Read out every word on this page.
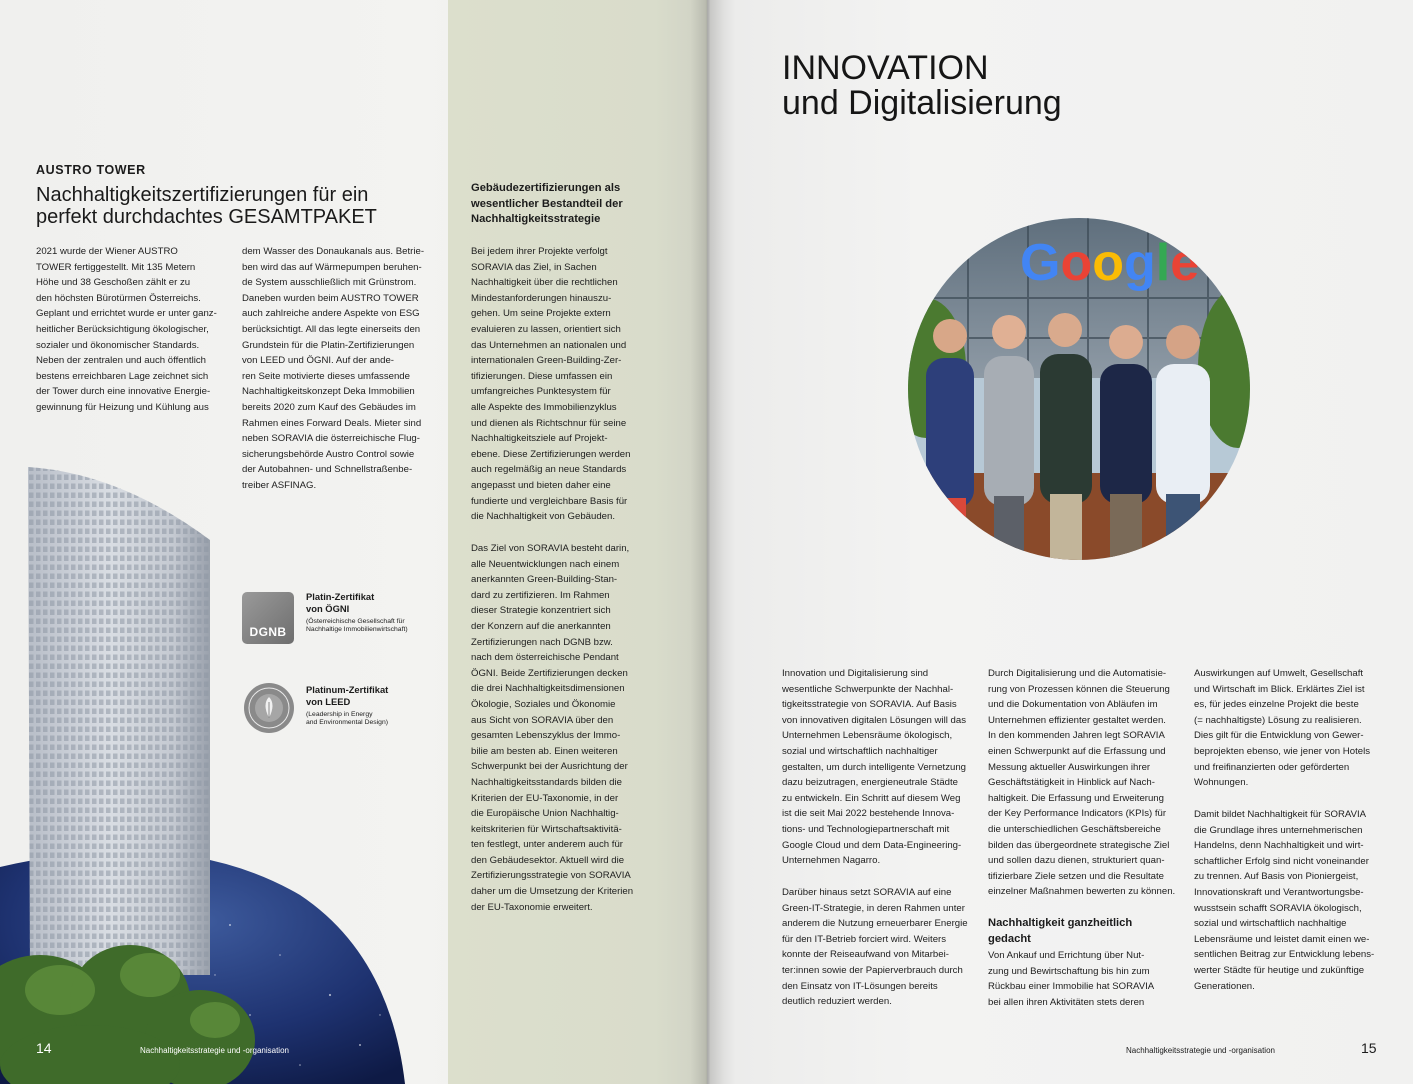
AUSTRO TOWER
Nachhaltigkeitszertifizierungen für ein
perfekt durchdachtes GESAMTPAKET
2021 wurde der Wiener AUSTRO
TOWER fertiggestellt. Mit 135 Metern
Höhe und 38 Geschoßen zählt er zu
den höchsten Bürotürmen Österreichs.
Geplant und errichtet wurde er unter ganz-
heitlicher Berücksichtigung ökologischer,
sozialer und ökonomischer Standards.
Neben der zentralen und auch öffentlich
bestens erreichbaren Lage zeichnet sich
der Tower durch eine innovative Energie-
gewinnung für Heizung und Kühlung aus
dem Wasser des Donaukanals aus. Betrie-
ben wird das auf Wärmepumpen beruhen-
de System ausschließlich mit Grünstrom.
Daneben wurden beim AUSTRO TOWER
auch zahlreiche andere Aspekte von ESG
berücksichtigt. All das legte einerseits den
Grundstein für die Platin-Zertifizierungen
von LEED und ÖGNI. Auf der ande-
ren Seite motivierte dieses umfassende
Nachhaltigkeitskonzept Deka Immobilien
bereits 2020 zum Kauf des Gebäudes im
Rahmen eines Forward Deals. Mieter sind
neben SORAVIA die österreichische Flug-
sicherungsbehörde Austro Control sowie
der Autobahnen- und Schnellstraßenbe-
treiber ASFINAG.
DGNB
Platin-Zertifikat
von ÖGNI
(Österreichische Gesellschaft für
Nachhaltige Immobilienwirtschaft)
Platinum-Zertifikat
von LEED
(Leadership in Energy
and Environmental Design)
Gebäudezertifizierungen als
wesentlicher Bestandteil der
Nachhaltigkeitsstrategie
Bei jedem ihrer Projekte verfolgt
SORAVIA das Ziel, in Sachen
Nachhaltigkeit über die rechtlichen
Mindestanforderungen hinauszu-
gehen. Um seine Projekte extern
evaluieren zu lassen, orientiert sich
das Unternehmen an nationalen und
internationalen Green-Building-Zer-
tifizierungen. Diese umfassen ein
umfangreiches Punktesystem für
alle Aspekte des Immobilienzyklus
und dienen als Richtschnur für seine
Nachhaltigkeitsziele auf Projekt-
ebene. Diese Zertifizierungen werden
auch regelmäßig an neue Standards
angepasst und bieten daher eine
fundierte und vergleichbare Basis für
die Nachhaltigkeit von Gebäuden.
Das Ziel von SORAVIA besteht darin,
alle Neuentwicklungen nach einem
anerkannten Green-Building-Stan-
dard zu zertifizieren. Im Rahmen
dieser Strategie konzentriert sich
der Konzern auf die anerkannten
Zertifizierungen nach DGNB bzw.
nach dem österreichische Pendant
ÖGNI. Beide Zertifizierungen decken
die drei Nachhaltigkeitsdimensionen
Ökologie, Soziales und Ökonomie
aus Sicht von SORAVIA über den
gesamten Lebenszyklus der Immo-
bilie am besten ab. Einen weiteren
Schwerpunkt bei der Ausrichtung der
Nachhaltigkeitsstandards bilden die
Kriterien der EU-Taxonomie, in der
die Europäische Union Nachhaltig-
keitskriterien für Wirtschaftsaktivitä-
ten festlegt, unter anderem auch für
den Gebäudesektor. Aktuell wird die
Zertifizierungsstrategie von SORAVIA
daher um die Umsetzung der Kriterien
der EU-Taxonomie erweitert.
14	Nachhaltigkeitsstrategie und -organisation
INNOVATION
und Digitalisierung
Google
Innovation und Digitalisierung sind
wesentliche Schwerpunkte der Nachhal-
tigkeitsstrategie von SORAVIA. Auf Basis
von innovativen digitalen Lösungen will das
Unternehmen Lebensräume ökologisch,
sozial und wirtschaftlich nachhaltiger
gestalten, um durch intelligente Vernetzung
dazu beizutragen, energieneutrale Städte
zu entwickeln. Ein Schritt auf diesem Weg
ist die seit Mai 2022 bestehende Innova-
tions- und Technologiepartnerschaft mit
Google Cloud und dem Data-Engineering-
Unternehmen Nagarro.
Darüber hinaus setzt SORAVIA auf eine
Green-IT-Strategie, in deren Rahmen unter
anderem die Nutzung erneuerbarer Energie
für den IT-Betrieb forciert wird. Weiters
konnte der Reiseaufwand von Mitarbei-
ter:innen sowie der Papierverbrauch durch
den Einsatz von IT-Lösungen bereits
deutlich reduziert werden.
Durch Digitalisierung und die Automatisie-
rung von Prozessen können die Steuerung
und die Dokumentation von Abläufen im
Unternehmen effizienter gestaltet werden.
In den kommenden Jahren legt SORAVIA
einen Schwerpunkt auf die Erfassung und
Messung aktueller Auswirkungen ihrer
Geschäftstätigkeit in Hinblick auf Nach-
haltigkeit. Die Erfassung und Erweiterung
der Key Performance Indicators (KPIs) für
die unterschiedlichen Geschäftsbereiche
bilden das übergeordnete strategische Ziel
und sollen dazu dienen, strukturiert quan-
tifizierbare Ziele setzen und die Resultate
einzelner Maßnahmen bewerten zu können.
Nachhaltigkeit ganzheitlich
gedacht
Von Ankauf und Errichtung über Nut-
zung und Bewirtschaftung bis hin zum
Rückbau einer Immobilie hat SORAVIA
bei allen ihren Aktivitäten stets deren
Auswirkungen auf Umwelt, Gesellschaft
und Wirtschaft im Blick. Erklärtes Ziel ist
es, für jedes einzelne Projekt die beste
(= nachhaltigste) Lösung zu realisieren.
Dies gilt für die Entwicklung von Gewer-
beprojekten ebenso, wie jener von Hotels
und freifinanzierten oder geförderten
Wohnungen.
Damit bildet Nachhaltigkeit für SORAVIA
die Grundlage ihres unternehmerischen
Handelns, denn Nachhaltigkeit und wirt-
schaftlicher Erfolg sind nicht voneinander
zu trennen. Auf Basis von Pioniergeist,
Innovationskraft und Verantwortungsbe-
wusstsein schafft SORAVIA ökologisch,
sozial und wirtschaftlich nachhaltige
Lebensräume und leistet damit einen we-
sentlichen Beitrag zur Entwicklung lebens-
werter Städte für heutige und zukünftige
Generationen.
Nachhaltigkeitsstrategie und -organisation	15
